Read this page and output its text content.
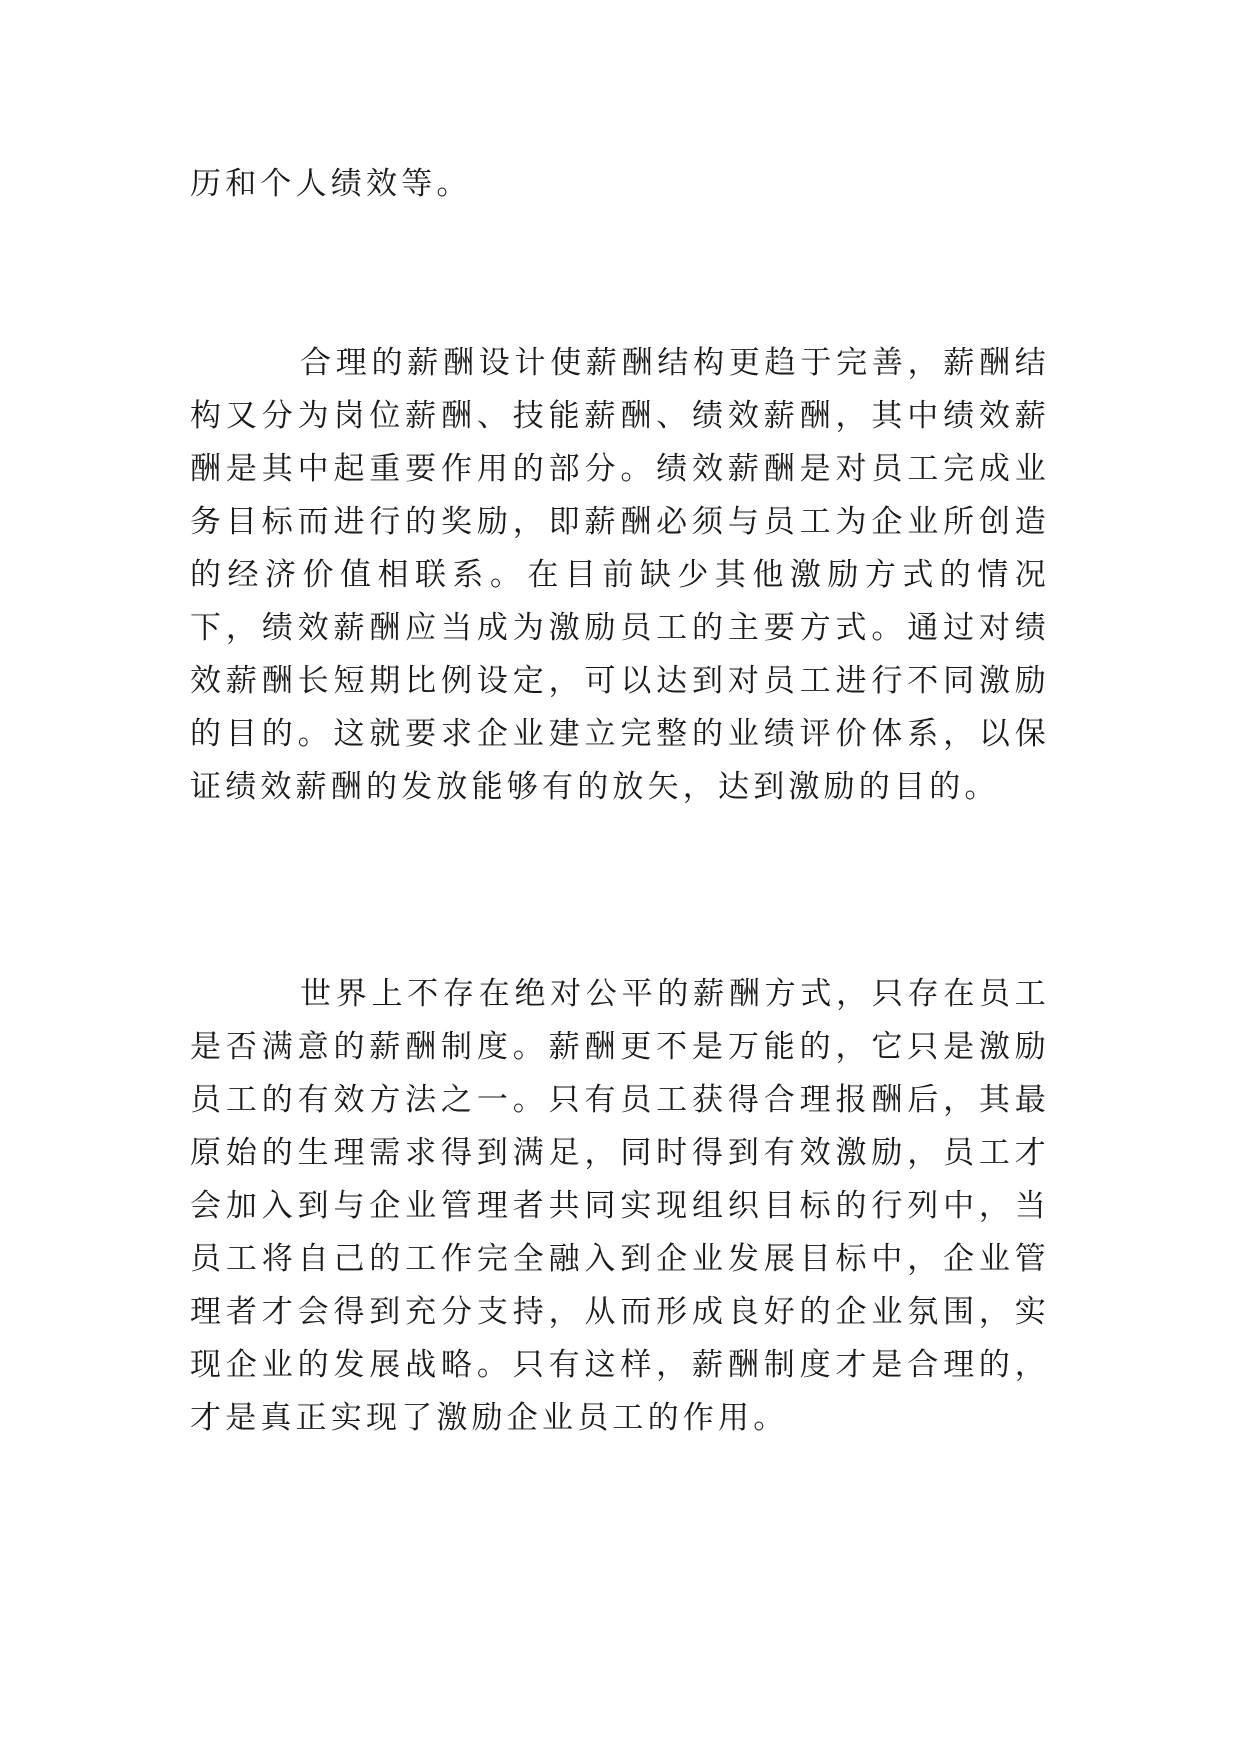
历和个人绩效等。

合理的薪酬设计使薪酬结构更趋于完善，薪酬结构又分为岗位薪酬、技能薪酬、绩效薪酬，其中绩效薪酬是其中起重要作用的部分。绩效薪酬是对员工完成业务目标而进行的奖励，即薪酬必须与员工为企业所创造的经济价值相联系。在目前缺少其他激励方式的情况下，绩效薪酬应当成为激励员工的主要方式。通过对绩效薪酬长短期比例设定，可以达到对员工进行不同激励的目的。这就要求企业建立完整的业绩评价体系，以保证绩效薪酬的发放能够有的放矢，达到激励的目的。

世界上不存在绝对公平的薪酬方式，只存在员工是否满意的薪酬制度。薪酬更不是万能的，它只是激励员工的有效方法之一。只有员工获得合理报酬后，其最原始的生理需求得到满足，同时得到有效激励，员工才会加入到与企业管理者共同实现组织目标的行列中，当员工将自己的工作完全融入到企业发展目标中，企业管理者才会得到充分支持，从而形成良好的企业氛围，实现企业的发展战略。只有这样，薪酬制度才是合理的，才是真正实现了激励企业员工的作用。
